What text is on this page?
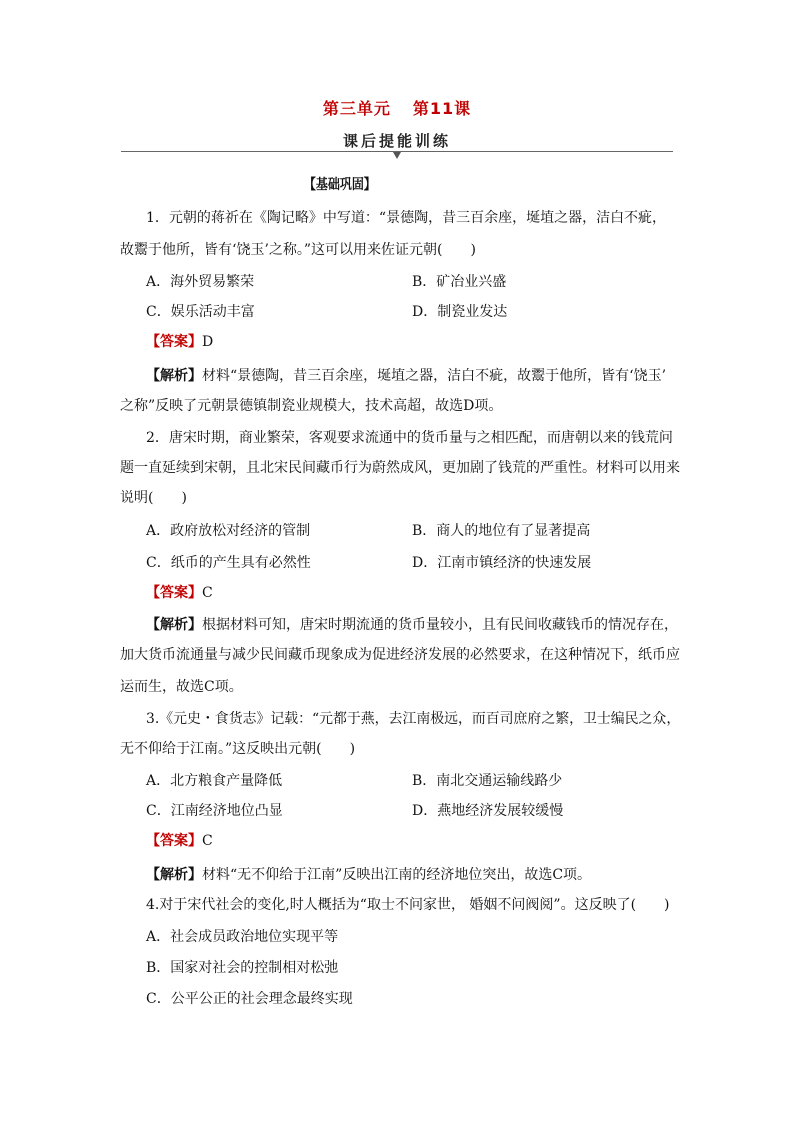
第三单元 第11课
课后提能训练
【基础巩固】
1．元朝的蒋祈在《陶记略》中写道：“景德陶，昔三百余座，埏埴之器，洁白不疵，
故鬻于他所，皆有‘饶玉’之称。”这可以用来佐证元朝(　　)
A．海外贸易繁荣	B．矿冶业兴盛
C．娱乐活动丰富	D．制瓷业发达
【答案】D
【解析】材料“景德陶，昔三百余座，埏埴之器，洁白不疵，故鬻于他所，皆有‘饶玉’
之称”反映了元朝景德镇制瓷业规模大，技术高超，故选D项。
2．唐宋时期，商业繁荣，客观要求流通中的货币量与之相匹配，而唐朝以来的钱荒问
题一直延续到宋朝，且北宋民间藏币行为蔚然成风，更加剧了钱荒的严重性。材料可以用来
说明(　　)
A．政府放松对经济的管制	B．商人的地位有了显著提高
C．纸币的产生具有必然性	D．江南市镇经济的快速发展
【答案】C
【解析】根据材料可知，唐宋时期流通的货币量较小，且有民间收藏钱币的情况存在，
加大货币流通量与减少民间藏币现象成为促进经济发展的必然要求，在这种情况下，纸币应
运而生，故选C项。
3.《元史・食货志》记载：“元都于燕，去江南极远，而百司庶府之繁，卫士编民之众，
无不仰给于江南。”这反映出元朝(　　)
A．北方粮食产量降低	B．南北交通运输线路少
C．江南经济地位凸显	D．燕地经济发展较缓慢
【答案】C
【解析】材料“无不仰给于江南”反映出江南的经济地位突出，故选C项。
4.对于宋代社会的变化,时人概括为“取士不问家世， 婚姻不问阀阅”。这反映了(　　)
A．社会成员政治地位实现平等
B．国家对社会的控制相对松弛
C．公平公正的社会理念最终实现
